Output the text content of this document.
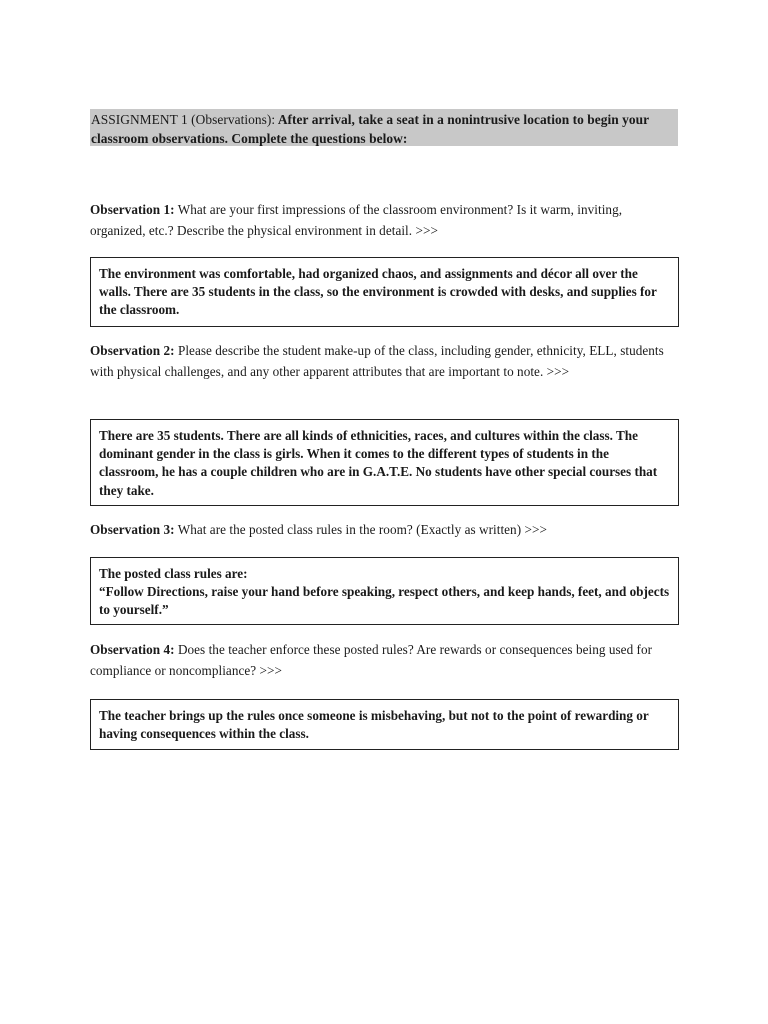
ASSIGNMENT 1 (Observations): After arrival, take a seat in a nonintrusive location to begin your classroom observations. Complete the questions below:
Observation 1: What are your first impressions of the classroom environment? Is it warm, inviting, organized, etc.? Describe the physical environment in detail. >>>
The environment was comfortable, had organized chaos, and assignments and décor all over the walls. There are 35 students in the class, so the environment is crowded with desks, and supplies for the classroom.
Observation 2: Please describe the student make-up of the class, including gender, ethnicity, ELL, students with physical challenges, and any other apparent attributes that are important to note. >>>
There are 35 students. There are all kinds of ethnicities, races, and cultures within the class. The dominant gender in the class is girls. When it comes to the different types of students in the classroom, he has a couple children who are in G.A.T.E. No students have other special courses that they take.
Observation 3: What are the posted class rules in the room? (Exactly as written) >>>
The posted class rules are:
“Follow Directions, raise your hand before speaking, respect others, and keep hands, feet, and objects to yourself.”
Observation 4: Does the teacher enforce these posted rules? Are rewards or consequences being used for compliance or noncompliance? >>>
The teacher brings up the rules once someone is misbehaving, but not to the point of rewarding or having consequences within the class.
